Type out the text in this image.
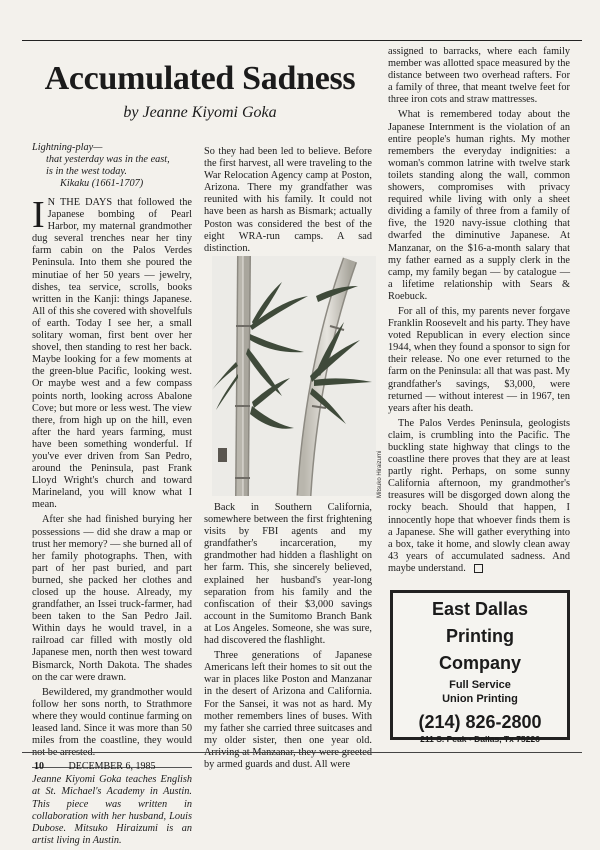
Accumulated Sadness
by Jeanne Kiyomi Goka
Lightning-play—
that yesterday was in the east,
is in the west today.
Kikaku (1661-1707)

I N THE DAYS that followed the Japanese bombing of Pearl Harbor, my maternal grandmother dug several trenches near her tiny farm cabin on the Palos Verdes Peninsula. Into them she poured the minutiae of her 50 years — jewelry, dishes, tea service, scrolls, books written in the Kanji: things Japanese. All of this she covered with shovelfuls of earth. Today I see her, a small solitary woman, first bent over her shovel, then standing to rest her back. Maybe looking for a few moments at the green-blue Pacific, looking west. Or maybe west and a few compass points north, looking across Abalone Cove; but more or less west. The view there, from high up on the hill, even after the hard years farming, must have been something wonderful. If you've ever driven from San Pedro, around the Peninsula, past Frank Lloyd Wright's church and toward Marineland, you will know what I mean.

After she had finished burying her possessions — did she draw a map or trust her memory? — she burned all of her family photographs. Then, with part of her past buried, and part burned, she packed her clothes and closed up the house. Already, my grandfather, an Issei truck-farmer, had been taken to the San Pedro Jail. Within days he would travel, in a railroad car filled with mostly old Japanese men, north then west toward Bismarck, North Dakota. The shades on the car were drawn.

Bewildered, my grandmother would follow her sons north, to Strathmore where they would continue farming on leased land. Since it was more than 50 miles from the coastline, they would not be arrested.

Jeanne Kiyomi Goka teaches English at St. Michael's Academy in Austin. This piece was written in collaboration with her husband, Louis Dubose. Mitsuko Hiraizumi is an artist living in Austin.

So they had been led to believe. Before the first harvest, all were traveling to the War Relocation Agency camp at Poston, Arizona. There my grandfather was reunited with his family. It could not have been as harsh as Bismark; actually Poston was considered the best of the eight WRA-run camps. A sad distinction.

Mitsuko Hiraizumi

Back in Southern California, somewhere between the first frightening visits by FBI agents and my grandfather's incarceration, my grandmother had hidden a flashlight on her farm. This, she sincerely believed, explained her husband's year-long separation from his family and the confiscation of their $3,000 savings account in the Sumitomo Branch Bank at Los Angeles. Someone, she was sure, had discovered the flashlight.

Three generations of Japanese Americans left their homes to sit out the war in places like Poston and Manzanar in the desert of Arizona and California. For the Sansei, it was not as hard. My mother remembers lines of buses. With my father she carried three suitcases and my older sister, then one year old. Arriving at Manzanar, they were greeted by armed guards and dust. All were

assigned to barracks, where each family member was allotted space measured by the distance between two overhead rafters. For a family of three, that meant twelve feet for three iron cots and straw mattresses.

What is remembered today about the Japanese Internment is the violation of an entire people's human rights. My mother remembers the everyday indignities: a woman's common latrine with twelve stark toilets standing along the wall, common showers, compromises with privacy required while living with only a sheet dividing a family of three from a family of five, the 1920 navy-issue clothing that dwarfed the diminutive Japanese. At Manzanar, on the $16-a-month salary that my father earned as a supply clerk in the camp, my family began — by catalogue — a lifetime relationship with Sears & Roebuck.

For all of this, my parents never forgave Franklin Roosevelt and his party. They have voted Republican in every election since 1944, when they found a sponsor to sign for their release. No one ever returned to the farm on the Peninsula: all that was past. My grandfather's savings, $3,000, were returned — without interest — in 1967, ten years after his death.

The Palos Verdes Peninsula, geologists claim, is crumbling into the Pacific. The buckling state highway that clings to the coastline there proves that they are at least partly right. Perhaps, on some sunny California afternoon, my grandmother's treasures will be disgorged down along the rocky beach. Should that happen, I innocently hope that whoever finds them is a Japanese. She will gather everything into a box, take it home, and slowly clean away 43 years of accumulated sadness. And maybe understand.

East Dallas
Printing
Company
Full Service
Union Printing
(214) 826-2800
211 S. Peak • Dallas, Tx 75226
10 DECEMBER 6, 1985
